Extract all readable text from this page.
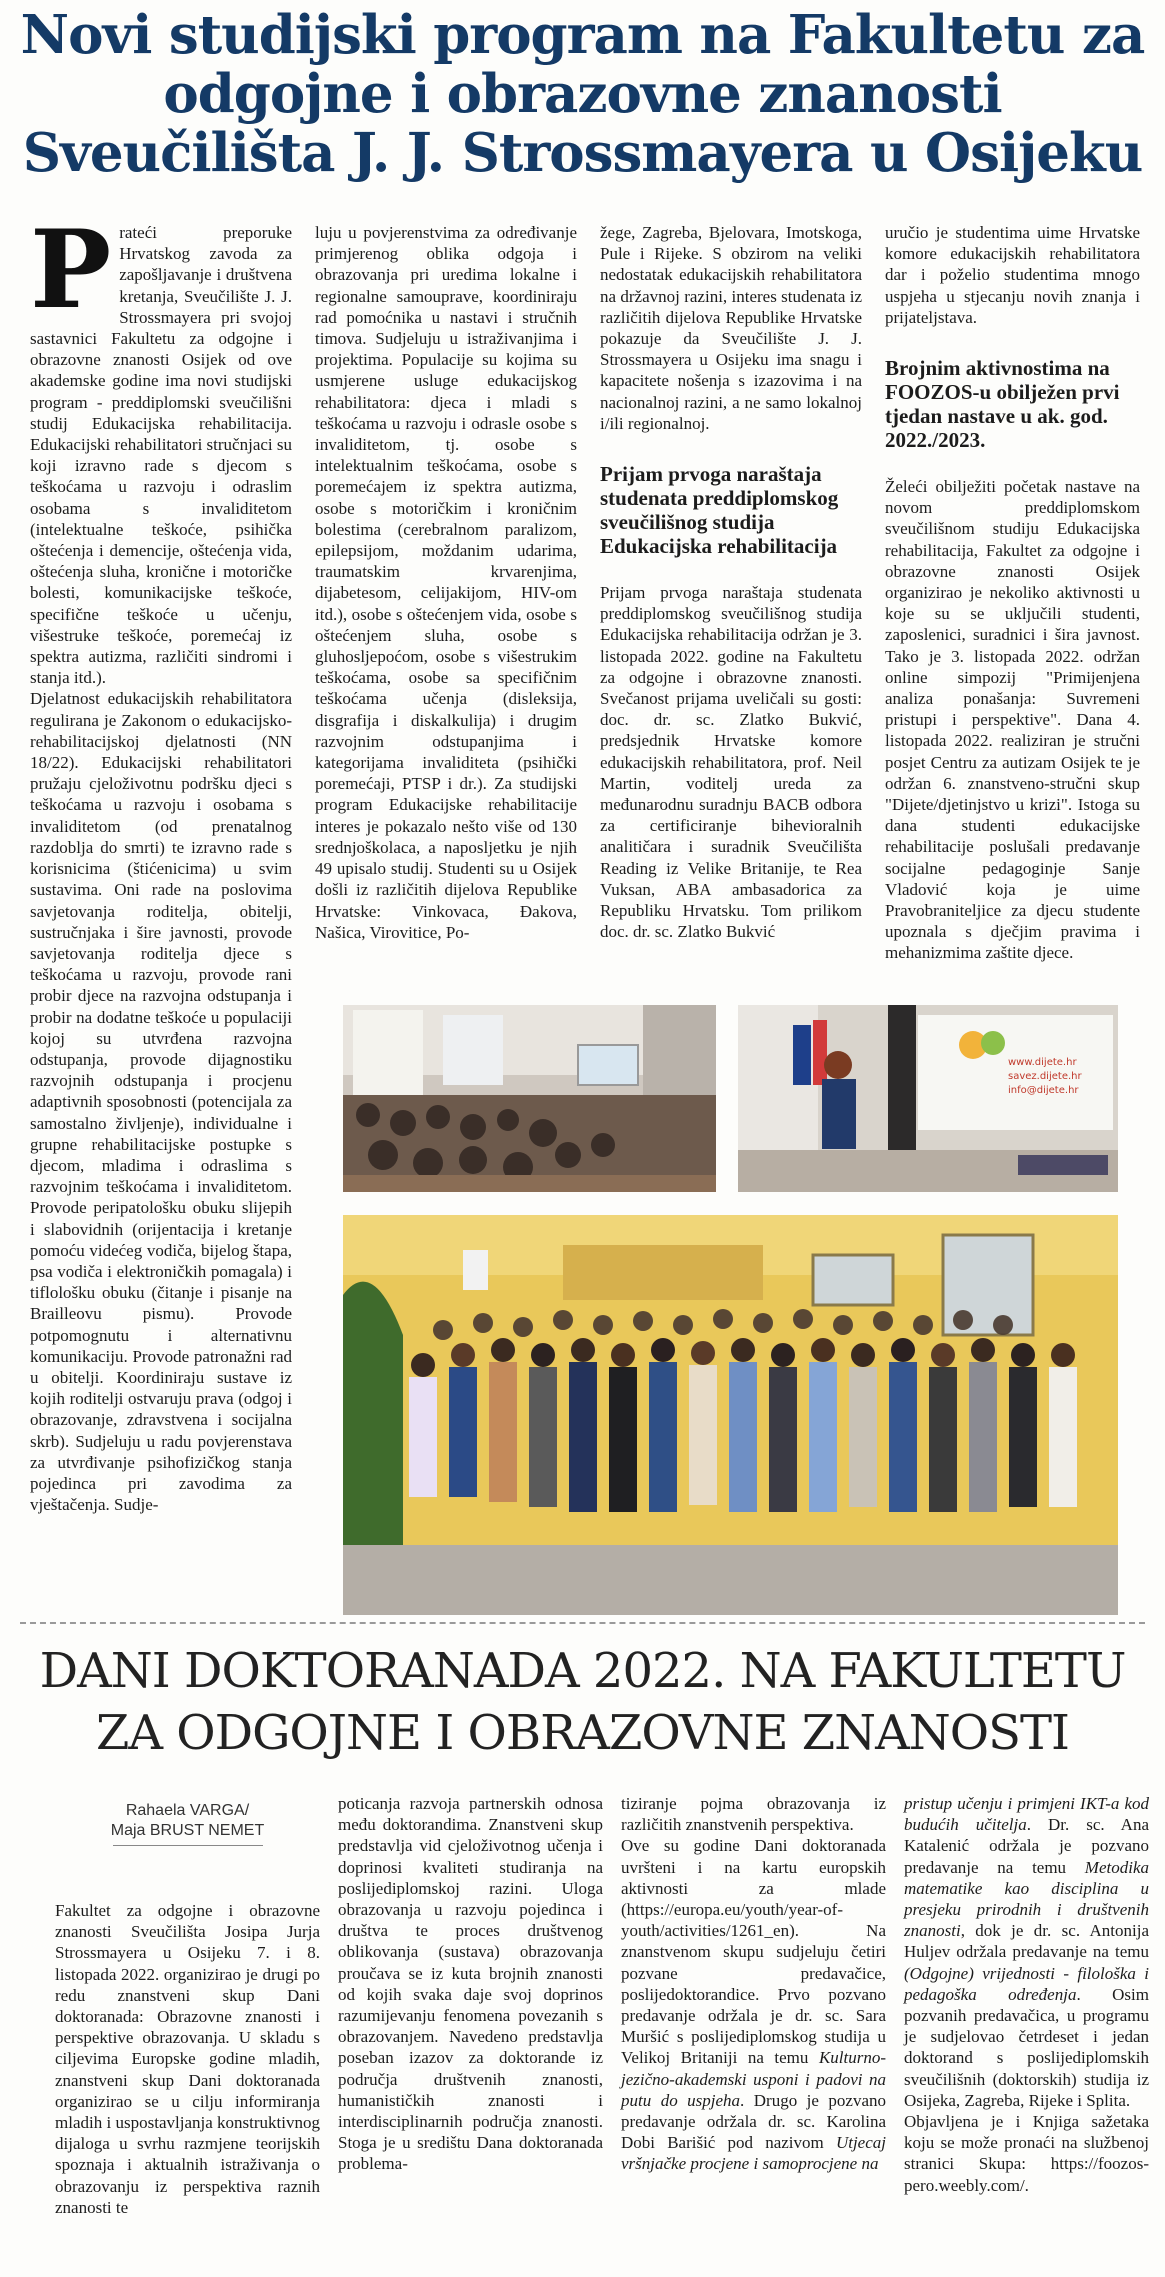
Novi studijski program na Fakultetu za odgojne i obrazovne znanosti Sveučilišta J. J. Strossmayera u Osijeku
P rateći preporuke Hrvatskog zavoda za zapošljavanje i društvena kretanja, Sveučilište J. J. Strossmayera pri svojoj sastavnici Fakultetu za odgojne i obrazovne znanosti Osijek od ove akademske godine ima novi studijski program - preddiplomski sveučilišni studij Edukacijska rehabilitacija. Edukacijski rehabilitatori stručnjaci su koji izravno rade s djecom s teškoćama u razvoju i odraslim osobama s invaliditetom (intelektualne teškoće, psihička oštećenja i demencije, oštećenja vida, oštećenja sluha, kronične i motoričke bolesti, komunikacijske teškoće, specifične teškoće u učenju, višestruke teškoće, poremećaj iz spektra autizma, različiti sindromi i stanja itd.).

Djelatnost edukacijskih rehabilitatora regulirana je Zakonom o edukacijsko-rehabilitacijskoj djelatnosti (NN 18/22). Edukacijski rehabilitatori pružaju cjeloživotnu podršku djeci s teškoćama u razvoju i osobama s invaliditetom (od prenatalnog razdoblja do smrti) te izravno rade s korisnicima (štićenicima) u svim sustavima. Oni rade na poslovima savjetovanja roditelja, obitelji, sustručnjaka i šire javnosti, provode savjetovanja roditelja djece s teškoćama u razvoju, provode rani probir djece na razvojna odstupanja i probir na dodatne teškoće u populaciji kojoj su utvrđena razvojna odstupanja, provode dijagnostiku razvojnih odstupanja i procjenu adaptivnih sposobnosti (potencijala za samostalno življenje), individualne i grupne rehabilitacijske postupke s djecom, mladima i odraslima s razvojnim teškoćama i invaliditetom. Provode peripatološku obuku slijepih i slabovidnih (orijentacija i kretanje pomoću videćeg vodiča, bijelog štapa, psa vodiča i elektroničkih pomagala) i tiflološku obuku (čitanje i pisanje na Brailleovu pismu). Provode potpomognutu i alternativnu komunikaciju. Provode patronažni rad u obitelji. Koordiniraju sustave iz kojih roditelji ostvaruju prava (odgoj i obrazovanje, zdravstvena i socijalna skrb). Sudjeluju u radu povjerenstava za utvrđivanje psihofizičkog stanja pojedinca pri zavodima za vještačenja. Sudje-

luju u povjerenstvima za određivanje primjerenog oblika odgoja i obrazovanja pri uredima lokalne i regionalne samouprave, koordiniraju rad pomoćnika u nastavi i stručnih timova. Sudjeluju u istraživanjima i projektima. Populacije su kojima su usmjerene usluge edukacijskog rehabilitatora: djeca i mladi s teškoćama u razvoju i odrasle osobe s invaliditetom, tj. osobe s intelektualnim teškoćama, osobe s poremećajem iz spektra autizma, osobe s motoričkim i kroničnim bolestima (cerebralnom paralizom, epilepsijom, moždanim udarima, traumatskim krvarenjima, dijabetesom, celijakijom, HIV-om itd.), osobe s oštećenjem vida, osobe s oštećenjem sluha, osobe s gluhosljepoćom, osobe s višestrukim teškoćama, osobe sa specifičnim teškoćama učenja (disleksija, disgrafija i diskalkulija) i drugim razvojnim odstupanjima i kategorijama invaliditeta (psihički poremećaji, PTSP i dr.). Za studijski program Edukacijske rehabilitacije interes je pokazalo nešto više od 130 srednjoškolaca, a naposljetku je njih 49 upisalo studij. Studenti su u Osijek došli iz različitih dijelova Republike Hrvatske: Vinkovaca, Đakova, Našica, Virovitice, Po-

žege, Zagreba, Bjelovara, Imotskoga, Pule i Rijeke. S obzirom na veliki nedostatak edukacijskih rehabilitatora na državnoj razini, interes studenata iz različitih dijelova Republike Hrvatske pokazuje da Sveučilište J. J. Strossmayera u Osijeku ima snagu i kapacitete nošenja s izazovima i na nacionalnoj razini, a ne samo lokalnoj i/ili regionalnoj.

Prijam prvoga naraštaja studenata preddiplomskog sveučilišnog studija Edukacijska rehabilitacija

Prijam prvoga naraštaja studenata preddiplomskog sveučilišnog studija Edukacijska rehabilitacija održan je 3. listopada 2022. godine na Fakultetu za odgojne i obrazovne znanosti. Svečanost prijama uveličali su gosti: doc. dr. sc. Zlatko Bukvić, predsjednik Hrvatske komore edukacijskih rehabilitatora, prof. Neil Martin, voditelj ureda za međunarodnu suradnju BACB odbora za certificiranje bihevioralnih analitičara i suradnik Sveučilišta Reading iz Velike Britanije, te Rea Vuksan, ABA ambasadorica za Republiku Hrvatsku. Tom prilikom doc. dr. sc. Zlatko Bukvić

uručio je studentima uime Hrvatske komore edukacijskih rehabilitatora dar i poželio studentima mnogo uspjeha u stjecanju novih znanja i prijateljstava.

Brojnim aktivnostima na FOOZOS-u obilježen prvi tjedan nastave u ak. god. 2022./2023.

Želeći obilježiti početak nastave na novom preddiplomskom sveučilišnom studiju Edukacijska rehabilitacija, Fakultet za odgojne i obrazovne znanosti Osijek organizirao je nekoliko aktivnosti u koje su se uključili studenti, zaposlenici, suradnici i šira javnost. Tako je 3. listopada 2022. održan online simpozij "Primijenjena analiza ponašanja: Suvremeni pristupi i perspektive". Dana 4. listopada 2022. realiziran je stručni posjet Centru za autizam Osijek te je održan 6. znanstveno-stručni skup "Dijete/djetinjstvo u krizi". Istoga su dana studenti edukacijske rehabilitacije poslušali predavanje socijalne pedagoginje Sanje Vladović koja je uime Pravobraniteljice za djecu studente upoznala s dječjim pravima i mehanizmima zaštite djece.

www.dijete.hr
savez.dijete.hr
info@dijete.hr
DANI DOKTORANADA 2022. NA FAKULTETU ZA ODGOJNE I OBRAZOVNE ZNANOSTI
Rahaela VARGA/
Maja BRUST NEMET

Fakultet za odgojne i obrazovne znanosti Sveučilišta Josipa Jurja Strossmayera u Osijeku 7. i 8. listopada 2022. organizirao je drugi po redu znanstveni skup Dani doktoranada: Obrazovne znanosti i perspektive obrazovanja. U skladu s ciljevima Europske godine mladih, znanstveni skup Dani doktoranada organizirao se u cilju informiranja mladih i uspostavljanja konstruktivnog dijaloga u svrhu razmjene teorijskih spoznaja i aktualnih istraživanja o obrazovanju iz perspektiva raznih znanosti te

poticanja razvoja partnerskih odnosa među doktorandima. Znanstveni skup predstavlja vid cjeloživotnog učenja i doprinosi kvaliteti studiranja na poslijediplomskoj razini. Uloga obrazovanja u razvoju pojedinca i društva te proces društvenog oblikovanja (sustava) obrazovanja proučava se iz kuta brojnih znanosti od kojih svaka daje svoj doprinos razumijevanju fenomena povezanih s obrazovanjem. Navedeno predstavlja poseban izazov za doktorande iz područja društvenih znanosti, humanističkih znanosti i interdisciplinarnih područja znanosti. Stoga je u središtu Dana doktoranada problema-

tiziranje pojma obrazovanja iz različitih znanstvenih perspektiva.

Ove su godine Dani doktoranada uvršteni i na kartu europskih aktivnosti za mlade (https://europa.eu/youth/year-of-youth/activities/1261_en). Na znanstvenom skupu sudjeluju četiri pozvane predavačice, poslijedoktorandice. Prvo pozvano predavanje održala je dr. sc. Sara Muršić s poslijediplomskog studija u Velikoj Britaniji na temu Kulturno-jezično-akademski usponi i padovi na putu do uspjeha. Drugo je pozvano predavanje održala dr. sc. Karolina Dobi Barišić pod nazivom Utjecaj vršnjačke procjene i samoprocjene na

pristup učenju i primjeni IKT-a kod budućih učitelja. Dr. sc. Ana Katalenić održala je pozvano predavanje na temu Metodika matematike kao disciplina u presjeku prirodnih i društvenih znanosti, dok je dr. sc. Antonija Huljev održala predavanje na temu (Odgojne) vrijednosti - filološka i pedagoška određenja. Osim pozvanih predavačica, u programu je sudjelovao četrdeset i jedan doktorand s poslijediplomskih sveučilišnih (doktorskih) studija iz Osijeka, Zagreba, Rijeke i Splita.

Objavljena je i Knjiga sažetaka koju se može pronaći na službenoj stranici Skupa: https://foozos-pero.weebly.com/.
